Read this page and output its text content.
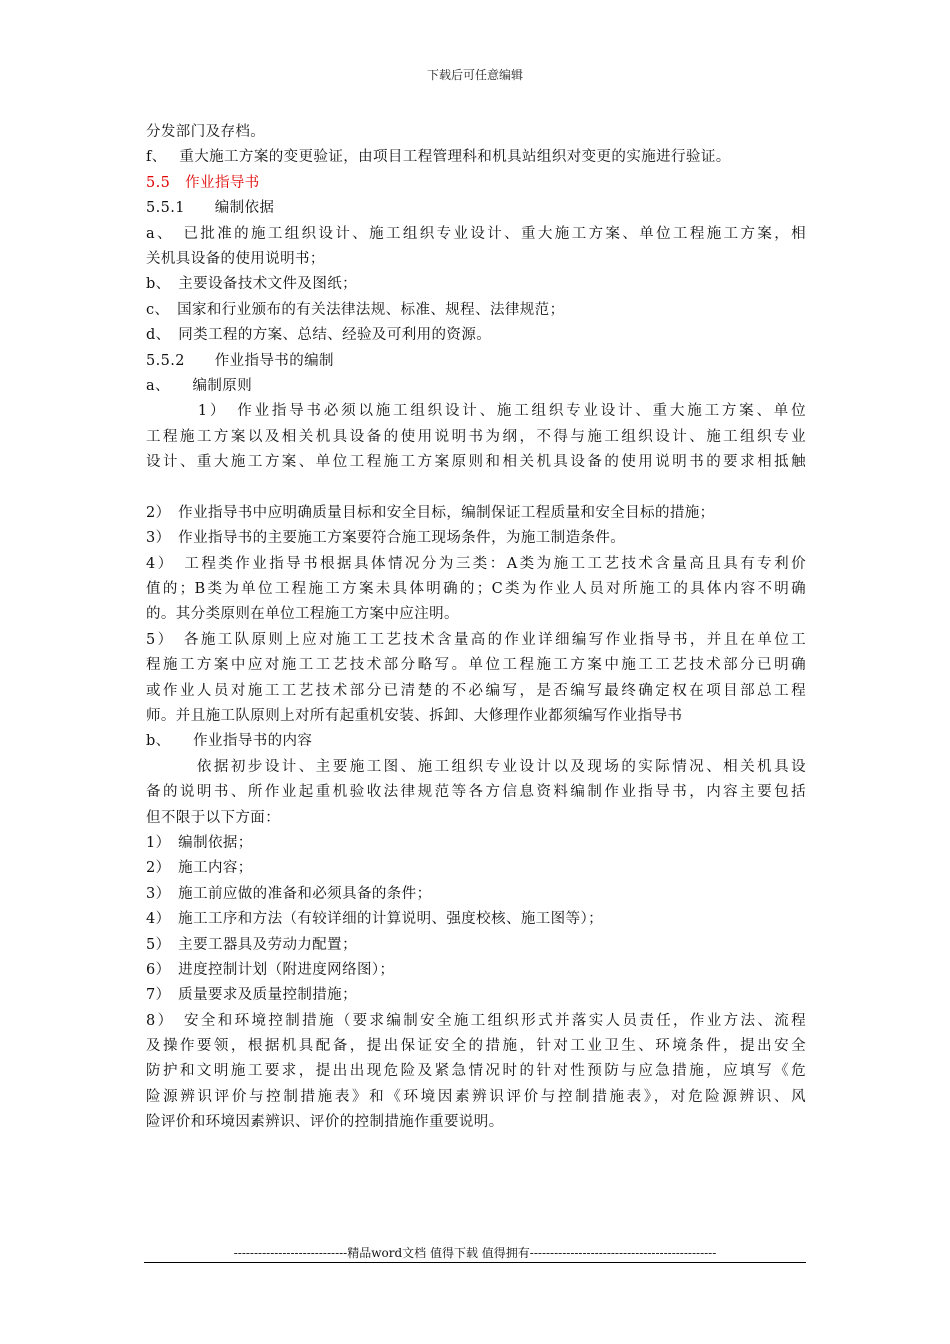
下载后可任意编辑
分发部门及存档。
f、　 重大施工方案的变更验证，由项目工程管理科和机具站组织对变更的实施进行验证。
5.5　作业指导书
5.5.1　　编制依据
a、　已批准的施工组织设计、施工组织专业设计、重大施工方案、单位工程施工方案，相
关机具设备的使用说明书；
b、　主要设备技术文件及图纸；
c、　国家和行业颁布的有关法律法规、标准、规程、法律规范；
d、　同类工程的方案、总结、经验及可利用的资源。
5.5.2　　作业指导书的编制
a、　　编制原则
　　　1）　作业指导书必须以施工组织设计、施工组织专业设计、重大施工方案、单位
工程施工方案以及相关机具设备的使用说明书为纲，不得与施工组织设计、施工组织专业
设计、重大施工方案、单位工程施工方案原则和相关机具设备的使用说明书的要求相抵触
2）　作业指导书中应明确质量目标和安全目标，编制保证工程质量和安全目标的措施；
3）　作业指导书的主要施工方案要符合施工现场条件，为施工制造条件。
4）　工程类作业指导书根据具体情况分为三类：A类为施工工艺技术含量高且具有专利价
值的；B类为单位工程施工方案未具体明确的；C类为作业人员对所施工的具体内容不明确
的。其分类原则在单位工程施工方案中应注明。
5）　各施工队原则上应对施工工艺技术含量高的作业详细编写作业指导书，并且在单位工
程施工方案中应对施工工艺技术部分略写。单位工程施工方案中施工工艺技术部分已明确
或作业人员对施工工艺技术部分已清楚的不必编写，是否编写最终确定权在项目部总工程
师。并且施工队原则上对所有起重机安装、拆卸、大修理作业都须编写作业指导书
b、　　作业指导书的内容
　　　依据初步设计、主要施工图、施工组织专业设计以及现场的实际情况、相关机具设
备的说明书、所作业起重机验收法律规范等各方信息资料编制作业指导书，内容主要包括
但不限于以下方面：
1）　编制依据；
2）　施工内容；
3）　施工前应做的准备和必须具备的条件；
4）　施工工序和方法（有较详细的计算说明、强度校核、施工图等）；
5）　主要工器具及劳动力配置；
6）　进度控制计划（附进度网络图）；
7）　质量要求及质量控制措施；
8）　安全和环境控制措施（要求编制安全施工组织形式并落实人员责任，作业方法、流程
及操作要领，根据机具配备，提出保证安全的措施，针对工业卫生、环境条件，提出安全
防护和文明施工要求，提出出现危险及紧急情况时的针对性预防与应急措施，应填写《危
险源辨识评价与控制措施表》和《环境因素辨识评价与控制措施表》，对危险源辨识、风
险评价和环境因素辨识、评价的控制措施作重要说明。
----------------------------精品word文档 值得下载 值得拥有----------------------------------------------
